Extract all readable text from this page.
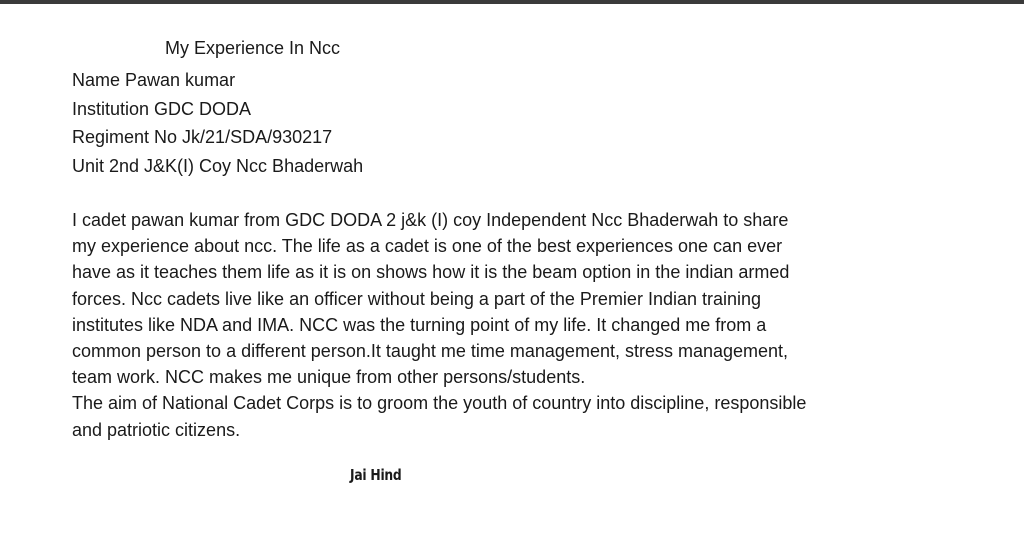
My Experience In Ncc
Name Pawan kumar
Institution GDC DODA
Regiment No Jk/21/SDA/930217
Unit 2nd J&K(I) Coy Ncc Bhaderwah
I cadet pawan kumar from GDC DODA 2 j&k (I) coy Independent Ncc Bhaderwah to share
my experience about ncc. The life as a cadet is one of the best experiences one can ever
have as it teaches them life as it is on shows how it is the beam option in the indian armed
forces. Ncc cadets live like an officer without being a part of the Premier Indian training
institutes like NDA and IMA. NCC was the turning point of my life. It changed me from a
common person to a different person.It taught me time management, stress management,
team work. NCC makes me unique from other persons/students.
The aim of National Cadet Corps is to groom the youth of country into discipline, responsible
and patriotic citizens.
Jai Hind
